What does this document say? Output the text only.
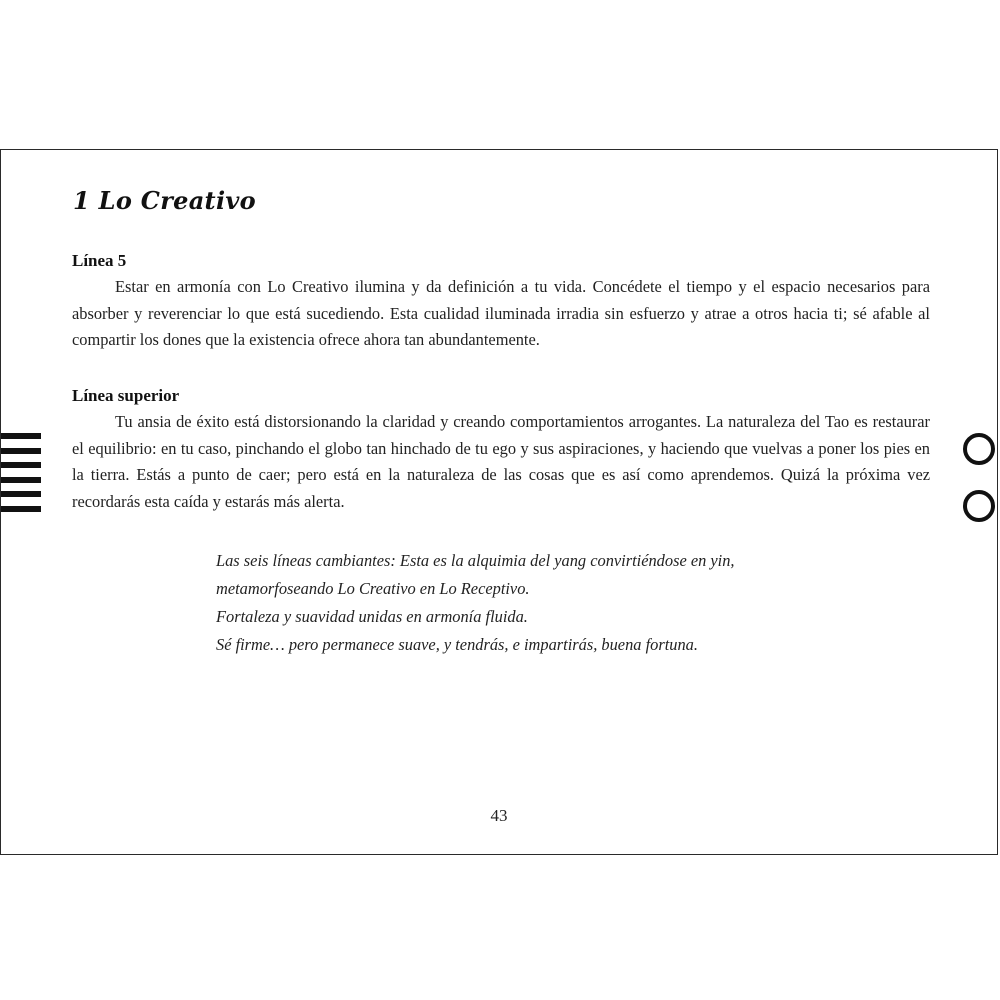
1 Lo Creativo
Línea 5

Estar en armonía con Lo Creativo ilumina y da definición a tu vida. Concédete el tiempo y el espacio necesarios para absorber y reverenciar lo que está sucediendo. Esta cualidad iluminada irradia sin esfuerzo y atrae a otros hacia ti; sé afable al compartir los dones que la existencia ofrece ahora tan abundantemente.

Línea superior

Tu ansia de éxito está distorsionando la claridad y creando comportamientos arrogantes. La naturaleza del Tao es restaurar el equilibrio: en tu caso, pinchando el globo tan hinchado de tu ego y sus aspiraciones, y haciendo que vuelvas a poner los pies en la tierra. Estás a punto de caer; pero está en la naturaleza de las cosas que es así como aprendemos. Quizá la próxima vez recordarás esta caída y estarás más alerta.

Las seis líneas cambiantes: Esta es la alquimia del yang convirtiéndose en yin,
metamorfoseando Lo Creativo en Lo Receptivo.
Fortaleza y suavidad unidas en armonía fluida.
Sé firme… pero permanece suave, y tendrás, e impartirás, buena fortuna.
43
